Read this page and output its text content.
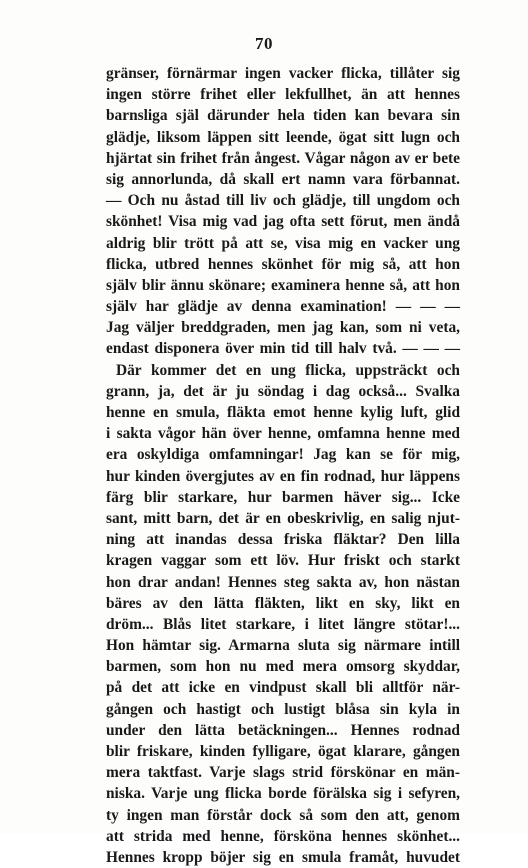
70
gränser, förnärmar ingen vacker flicka, tillåter sig
ingen större frihet eller lekfullhet, än att hennes
barnsliga själ därunder hela tiden kan bevara sin
glädje, liksom läppen sitt leende, ögat sitt lugn och
hjärtat sin frihet från ångest. Vågar någon av er bete
sig annorlunda, då skall ert namn vara förbannat.
— Och nu åstad till liv och glädje, till ungdom och
skönhet! Visa mig vad jag ofta sett förut, men ändå
aldrig blir trött på att se, visa mig en vacker ung
flicka, utbred hennes skönhet för mig så, att hon
själv blir ännu skönare; examinera henne så, att hon
själv har glädje av denna examination! — — —
Jag väljer breddgraden, men jag kan, som ni veta,
endast disponera över min tid till halv två. — — —
Där kommer det en ung flicka, uppsträckt och
grann, ja, det är ju söndag i dag också... Svalka
henne en smula, fläkta emot henne kylig luft, glid
i sakta vågor hän över henne, omfamna henne med
era oskyldiga omfamningar! Jag kan se för mig,
hur kinden övergjutes av en fin rodnad, hur läppens
färg blir starkare, hur barmen häver sig... Icke
sant, mitt barn, det är en obeskrivlig, en salig njut-
ning att inandas dessa friska fläktar? Den lilla
kragen vaggar som ett löv. Hur friskt och starkt
hon drar andan! Hennes steg sakta av, hon nästan
bäres av den lätta fläkten, likt en sky, likt en
dröm... Blås litet starkare, i litet längre stötar!...
Hon hämtar sig. Armarna sluta sig närmare intill
barmen, som hon nu med mera omsorg skyddar,
på det att icke en vindpust skall bli alltför när-
gången och hastigt och lustigt blåsa sin kyla in
under den lätta betäckningen... Hennes rodnad
blir friskare, kinden fylligare, ögat klarare, gången
mera taktfast. Varje slags strid förskönar en män-
niska. Varje ung flicka borde förälska sig i sefyren,
ty ingen man förstår dock så som den att, genom
att strida med henne, försköna hennes skönhet...
Hennes kropp böjer sig en smula framåt, huvudet
